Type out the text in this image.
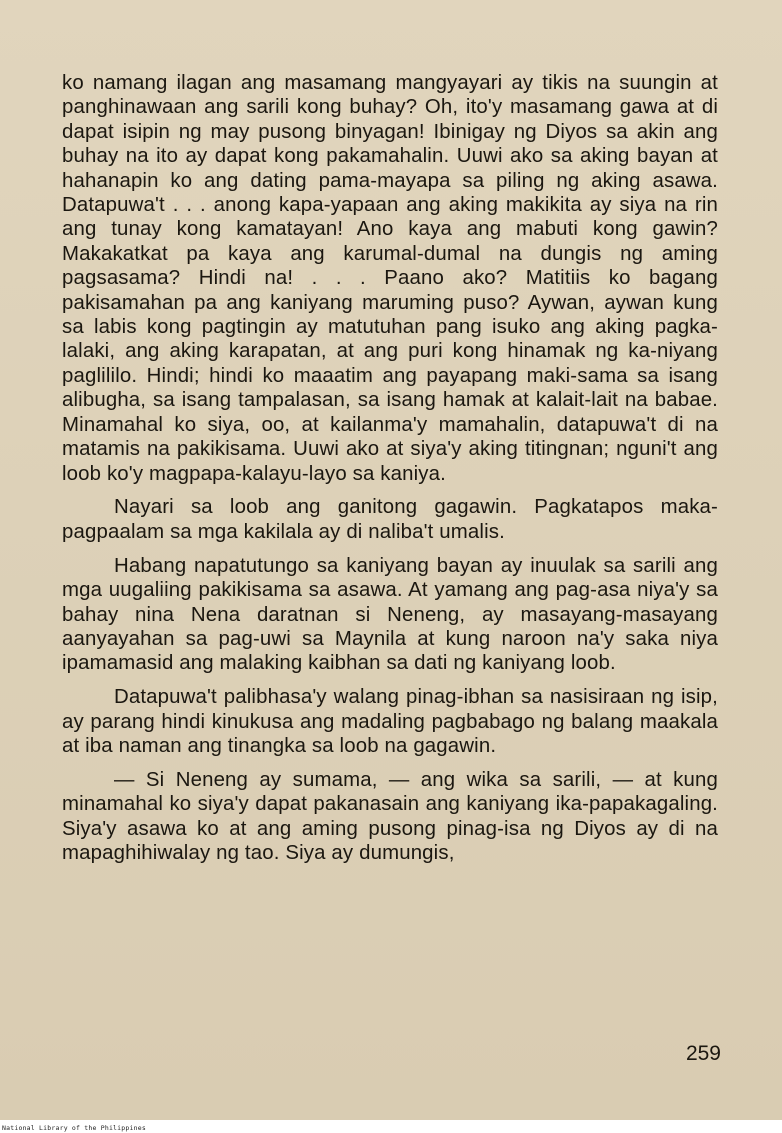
ko namang ilagan ang masamang mangyayari ay tikis na suungin at panghinawaan ang sarili kong buhay? Oh, ito'y masamang gawa at di dapat isipin ng may pusong binyagan! Ibinigay ng Diyos sa akin ang buhay na ito ay dapat kong pakamahalin. Uuwi ako sa aking bayan at hahanapin ko ang dating pama-mayapa sa piling ng aking asawa. Datapuwa't . . . anong kapa-yapaan ang aking makikita ay siya na rin ang tunay kong kamatayan! Ano kaya ang mabuti kong gawin? Makakatkat pa kaya ang karumal-dumal na dungis ng aming pagsasama? Hindi na! . . . Paano ako? Matitiis ko bagang pakisamahan pa ang kaniyang maruming puso? Aywan, aywan kung sa labis kong pagtingin ay matutuhan pang isuko ang aking pagka-lalaki, ang aking karapatan, at ang puri kong hinamak ng ka-niyang paglililo. Hindi; hindi ko maaatim ang payapang maki-sama sa isang alibugha, sa isang tampalasan, sa isang hamak at kalait-lait na babae. Minamahal ko siya, oo, at kailanma'y mamahalin, datapuwa't di na matamis na pakikisama. Uuwi ako at siya'y aking titingnan; nguni't ang loob ko'y magpapa-kalayu-layo sa kaniya.

Nayari sa loob ang ganitong gagawin. Pagkatapos maka-pagpaalam sa mga kakilala ay di naliba't umalis.

Habang napatutungo sa kaniyang bayan ay inuulak sa sarili ang mga uugaliing pakikisama sa asawa. At yamang ang pag-asa niya'y sa bahay nina Nena daratnan si Neneng, ay masayang-masayang aanyayahan sa pag-uwi sa Maynila at kung naroon na'y saka niya ipamamasid ang malaking kaibhan sa dati ng kaniyang loob.

Datapuwa't palibhasa'y walang pinag-ibhan sa nasisiraan ng isip, ay parang hindi kinukusa ang madaling pagbabago ng balang maakala at iba naman ang tinangka sa loob na gagawin.

— Si Neneng ay sumama, — ang wika sa sarili, — at kung minamahal ko siya'y dapat pakanasain ang kaniyang ika-papakagaling. Siya'y asawa ko at ang aming pusong pinag-isa ng Diyos ay di na mapaghihiwalay ng tao. Siya ay dumungis,

259
National Library of the Philippines
